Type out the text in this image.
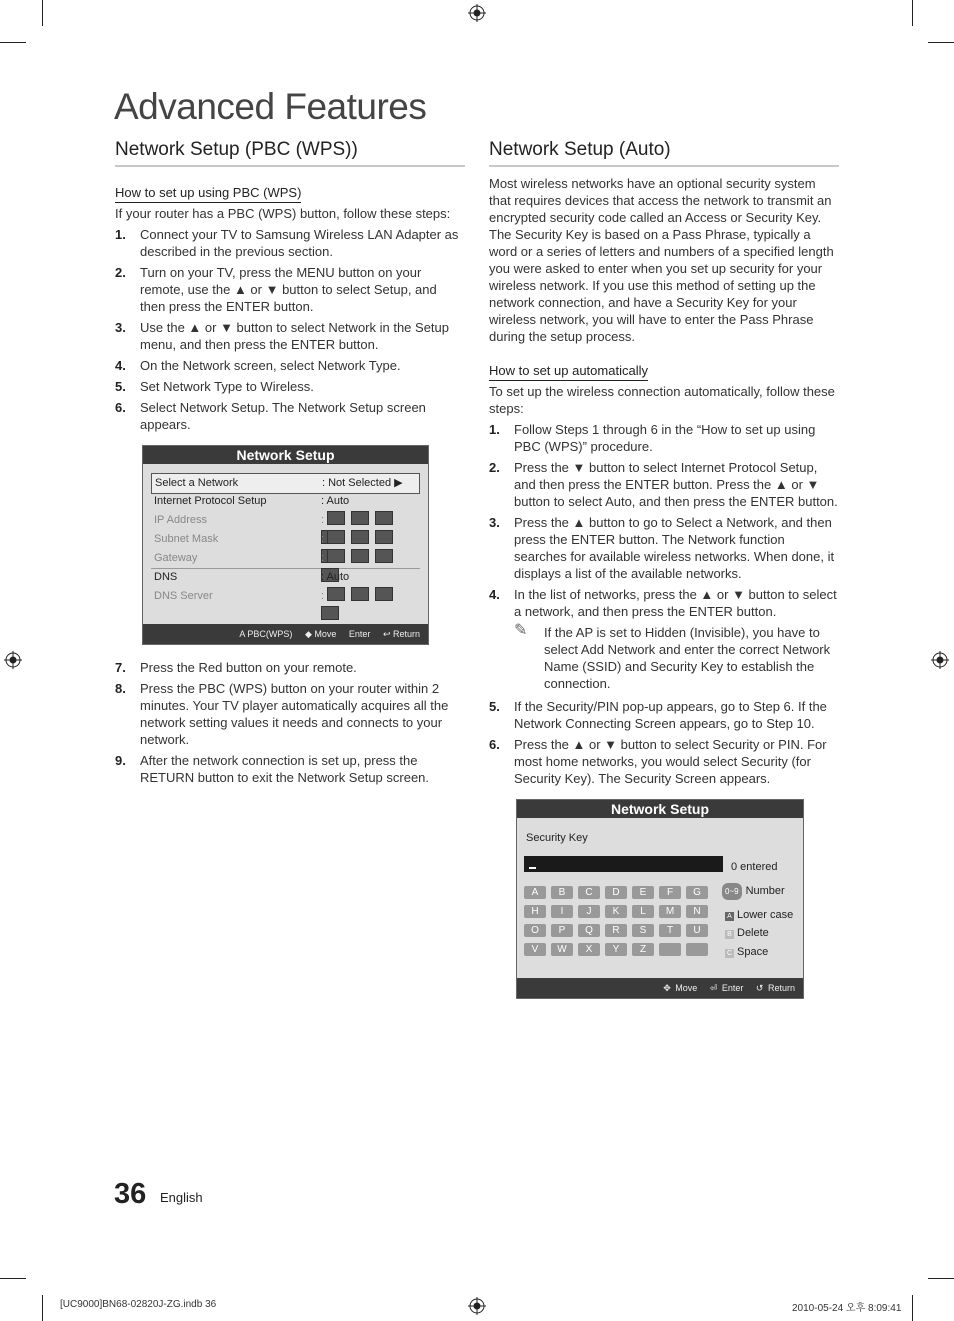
Advanced Features
Network Setup (PBC (WPS))
How to set up using PBC (WPS)

If your router has a PBC (WPS) button, follow these steps:

1. Connect your TV to Samsung Wireless LAN Adapter as described in the previous section.
2. Turn on your TV, press the MENU button on your remote, use the ▲ or ▼ button to select Setup, and then press the ENTER button.
3. Use the ▲ or ▼ button to select Network in the Setup menu, and then press the ENTER button.
4. On the Network screen, select Network Type.
5. Set Network Type to Wireless.
6. Select Network Setup. The Network Setup screen appears.
Network Setup
Select a Network	: Not Selected ▶
Internet Protocol Setup	: Auto
IP Address	:
Subnet Mask	:
Gateway	:
DNS	: Auto
DNS Server	:
A PBC(WPS) ◆ Move Enter ↩ Return
7. Press the Red button on your remote.
8. Press the PBC (WPS) button on your router within 2 minutes. Your TV player automatically acquires all the network setting values it needs and connects to your network.
9. After the network connection is set up, press the RETURN button to exit the Network Setup screen.
Network Setup (Auto)

Most wireless networks have an optional security system that requires devices that access the network to transmit an encrypted security code called an Access or Security Key. The Security Key is based on a Pass Phrase, typically a word or a series of letters and numbers of a specified length you were asked to enter when you set up security for your wireless network. If you use this method of setting up the network connection, and have a Security Key for your wireless network, you will have to enter the Pass Phrase during the setup process.

How to set up automatically

To set up the wireless connection automatically, follow these steps:

1. Follow Steps 1 through 6 in the “How to set up using PBC (WPS)” procedure.
2. Press the ▼ button to select Internet Protocol Setup, and then press the ENTER button. Press the ▲ or ▼ button to select Auto, and then press the ENTER button.
3. Press the ▲ button to go to Select a Network, and then press the ENTER button. The Network function searches for available wireless networks. When done, it displays a list of the available networks.
4. In the list of networks, press the ▲ or ▼ button to select a network, and then press the ENTER button.
✎ If the AP is set to Hidden (Invisible), you have to select Add Network and enter the correct Network Name (SSID) and Security Key to establish the connection.
5. If the Security/PIN pop-up appears, go to Step 6. If the Network Connecting Screen appears, go to Step 10.
6. Press the ▲ or ▼ button to select Security or PIN. For most home networks, you would select Security (for Security Key). The Security Screen appears.
Network Setup
Security Key
0 entered
A	B	C	D	E	F	G
H	I	J	K	L	M	N
O	P	Q	R	S	T	U
V	W	X	Y	Z
0~9 Number
A Lower case
B Delete
C Space
✥ Move ⏎ Enter ↺ Return
36 English
[UC9000]BN68-02820J-ZG.indb 36	2010-05-24 오후 8:09:41
